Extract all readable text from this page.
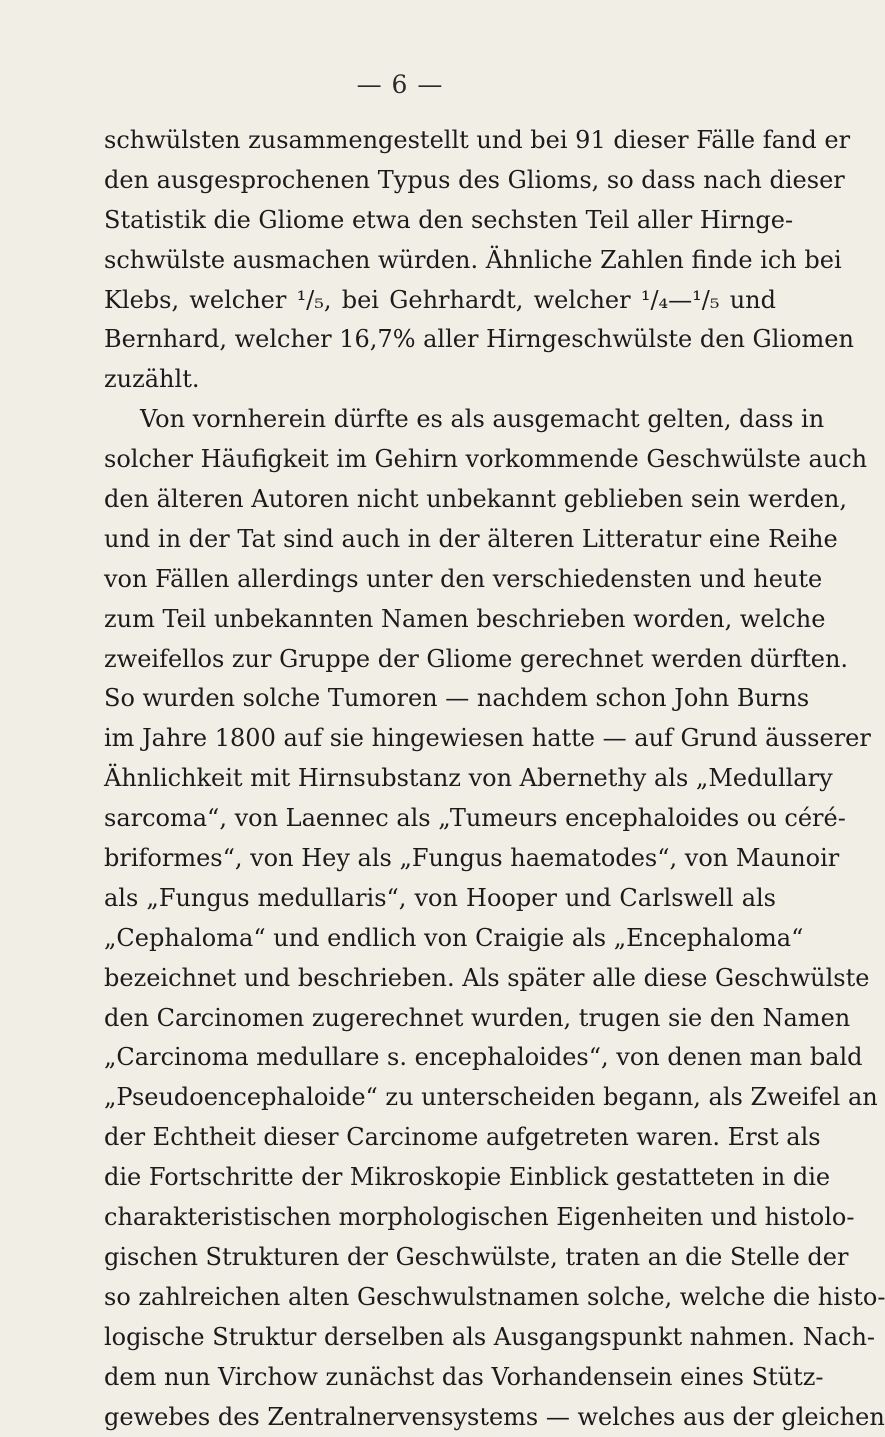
— 6 —
schwülsten zusammengestellt und bei 91 dieser Fälle fand er
den ausgesprochenen Typus des Glioms, so dass nach dieser
Statistik die Gliome etwa den sechsten Teil aller Hirnge-
schwülste ausmachen würden. Ähnliche Zahlen finde ich bei
Klebs, welcher ¹/₅, bei Gehrhardt, welcher ¹/₄—¹/₅ und
Bernhard, welcher 16,7% aller Hirngeschwülste den Gliomen
zuzählt.
Von vornherein dürfte es als ausgemacht gelten, dass in
solcher Häufigkeit im Gehirn vorkommende Geschwülste auch
den älteren Autoren nicht unbekannt geblieben sein werden,
und in der Tat sind auch in der älteren Litteratur eine Reihe
von Fällen allerdings unter den verschiedensten und heute
zum Teil unbekannten Namen beschrieben worden, welche
zweifellos zur Gruppe der Gliome gerechnet werden dürften.
So wurden solche Tumoren — nachdem schon John Burns
im Jahre 1800 auf sie hingewiesen hatte — auf Grund äusserer
Ähnlichkeit mit Hirnsubstanz von Abernethy als „Medullary
sarcoma“, von Laennec als „Tumeurs encephaloides ou céré-
briformes“, von Hey als „Fungus haematodes“, von Maunoir
als „Fungus medullaris“, von Hooper und Carlswell als
„Cephaloma“ und endlich von Craigie als „Encephaloma“
bezeichnet und beschrieben. Als später alle diese Geschwülste
den Carcinomen zugerechnet wurden, trugen sie den Namen
„Carcinoma medullare s. encephaloides“, von denen man bald
„Pseudoencephaloide“ zu unterscheiden begann, als Zweifel an
der Echtheit dieser Carcinome aufgetreten waren. Erst als
die Fortschritte der Mikroskopie Einblick gestatteten in die
charakteristischen morphologischen Eigenheiten und histolo-
gischen Strukturen der Geschwülste, traten an die Stelle der
so zahlreichen alten Geschwulstnamen solche, welche die histo-
logische Struktur derselben als Ausgangspunkt nahmen. Nach-
dem nun Virchow zunächst das Vorhandensein eines Stütz-
gewebes des Zentralnervensystems — welches aus der gleichen
